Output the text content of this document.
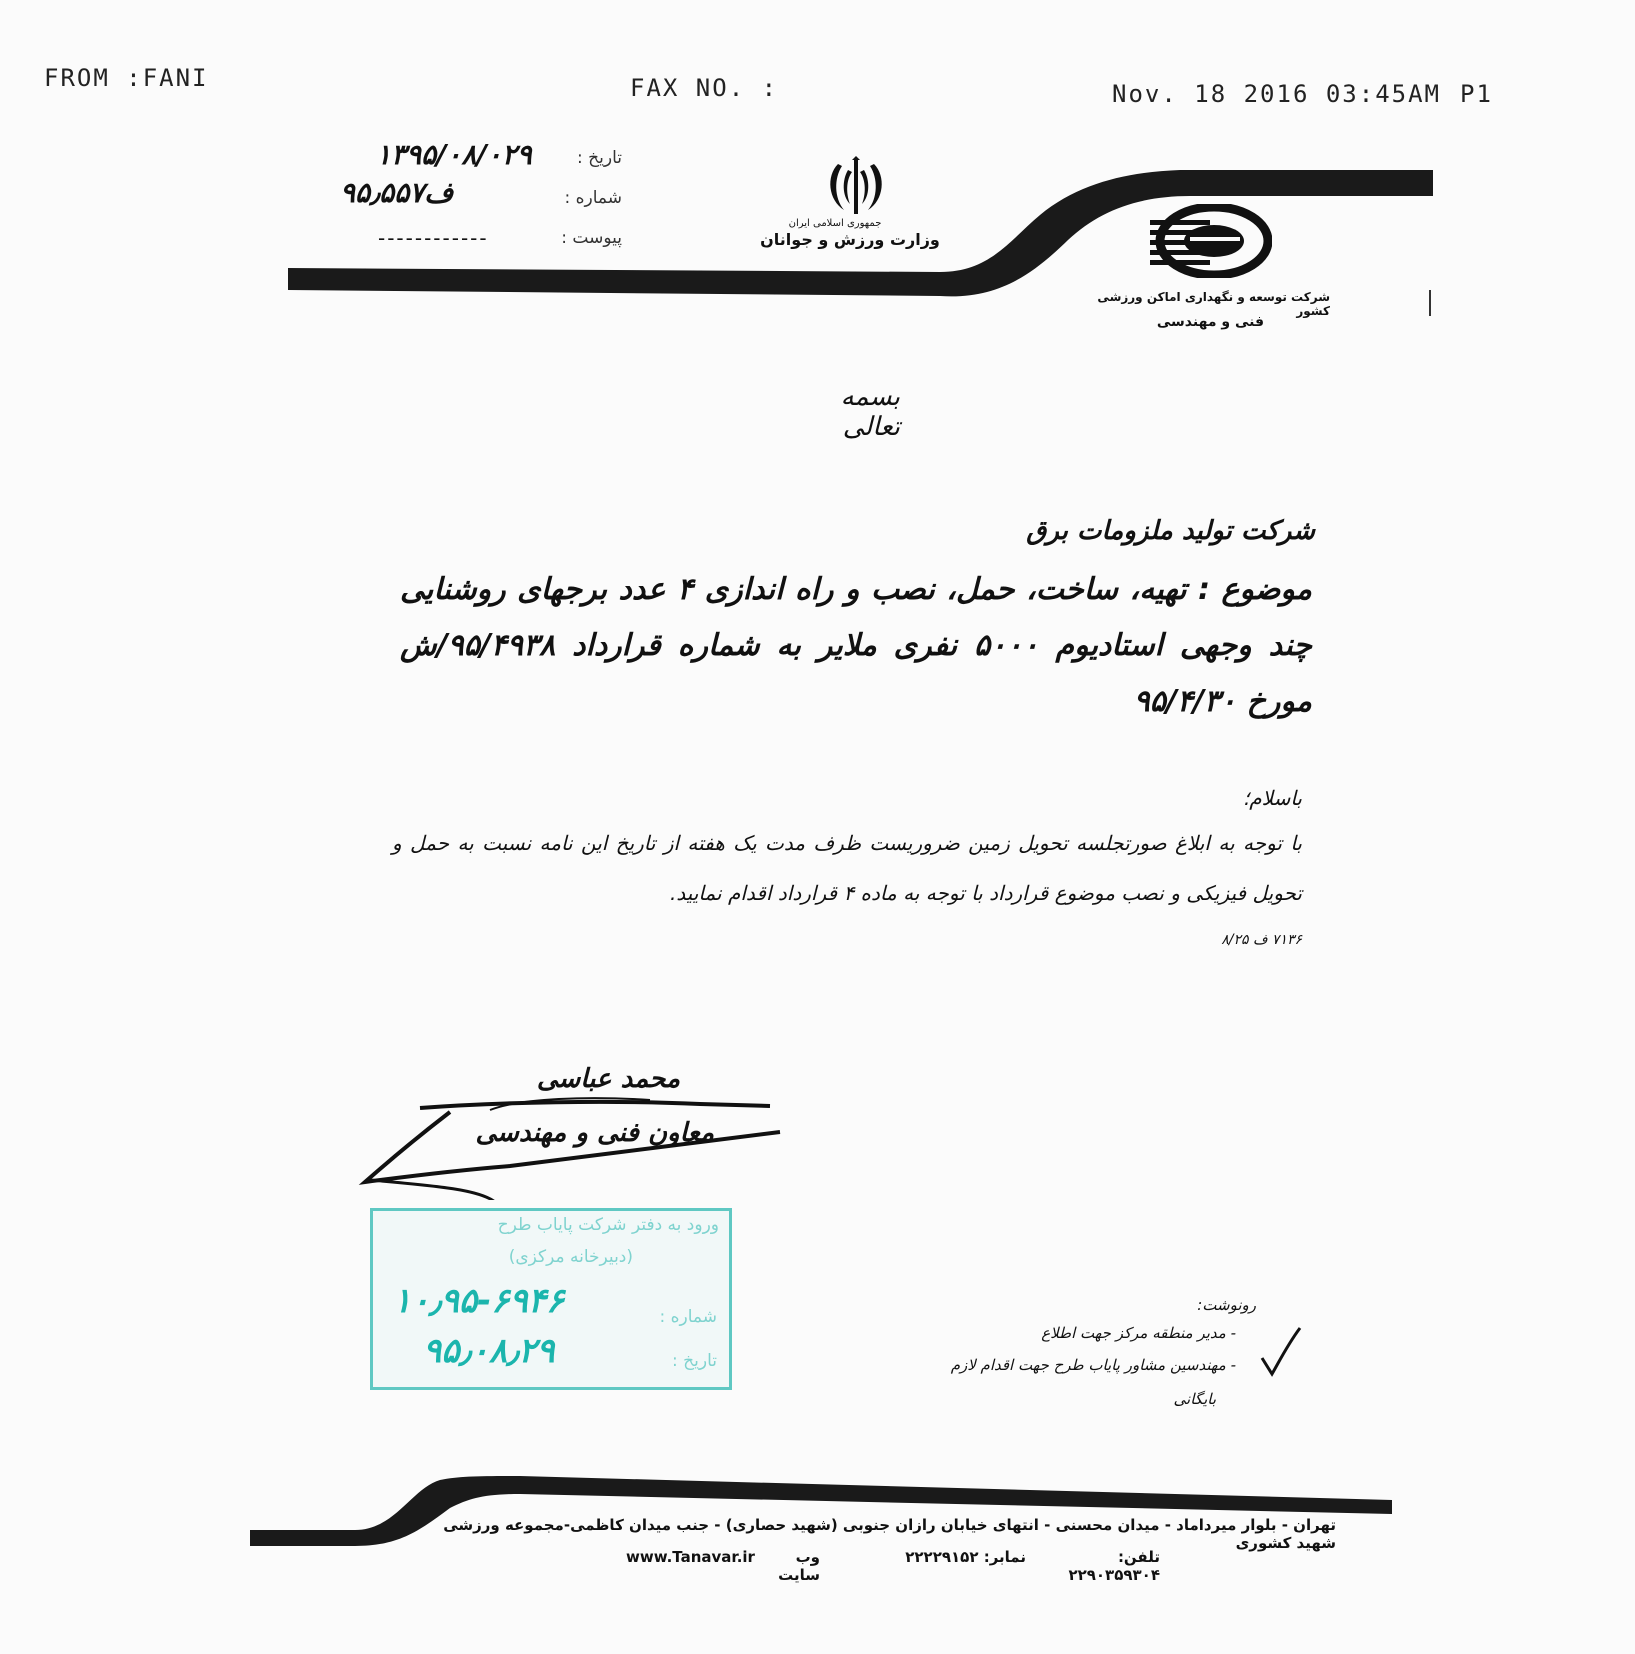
FROM :FANI	FAX NO. :	Nov. 18 2016 03:45AM P1
جمهوری اسلامی ایران
وزارت ورزش و جوانان
تاریخ :
۱۳۹۵/۰۸/۰۲۹
شماره :
۹۵٫۵۵۷ف
پیوست :
------------
شرکت توسعه و نگهداری اماکن ورزشی کشور
فنی و مهندسی
بسمه تعالی
شرکت تولید ملزومات برق
موضوع : تهیه، ساخت، حمل، نصب و راه اندازی ۴ عدد برجهای روشنایی چند وجهی استادیوم ۵۰۰۰ نفری ملایر به شماره قرارداد ۹۵/۴۹۳۸/ش مورخ ۹۵/۴/۳۰
باسلام؛
با توجه به ابلاغ صورتجلسه تحویل زمین ضروریست ظرف مدت یک هفته از تاریخ این نامه نسبت به حمل و تحویل فیزیکی و نصب موضوع قرارداد با توجه به ماده ۴ قرارداد اقدام نمایید.
۷۱۳۶ ف ۸/۲۵
محمد عباسی
معاون فنی و مهندسی
ورود به دفتر شرکت پایاب طرح
(دبیرخانه مرکزی)
شماره :
۱۰٫۹۵-۶۹۴۶
تاریخ :
۹۵٫۰۸٫۲۹
رونوشت:
- مدیر منطقه مرکز جهت اطلاع
- مهندسین مشاور پایاب طرح جهت اقدام لازم
بایگانی
تهران - بلوار میرداماد - میدان محسنی - انتهای خیابان رازان جنوبی (شهید حصاری) - جنب میدان کاظمی-مجموعه ورزشی شهید کشوری
تلفن: ۲۲۹۰۳۵۹۳۰۴
نمابر: ۲۲۲۲۹۱۵۲
وب سایت
www.Tanavar.ir
